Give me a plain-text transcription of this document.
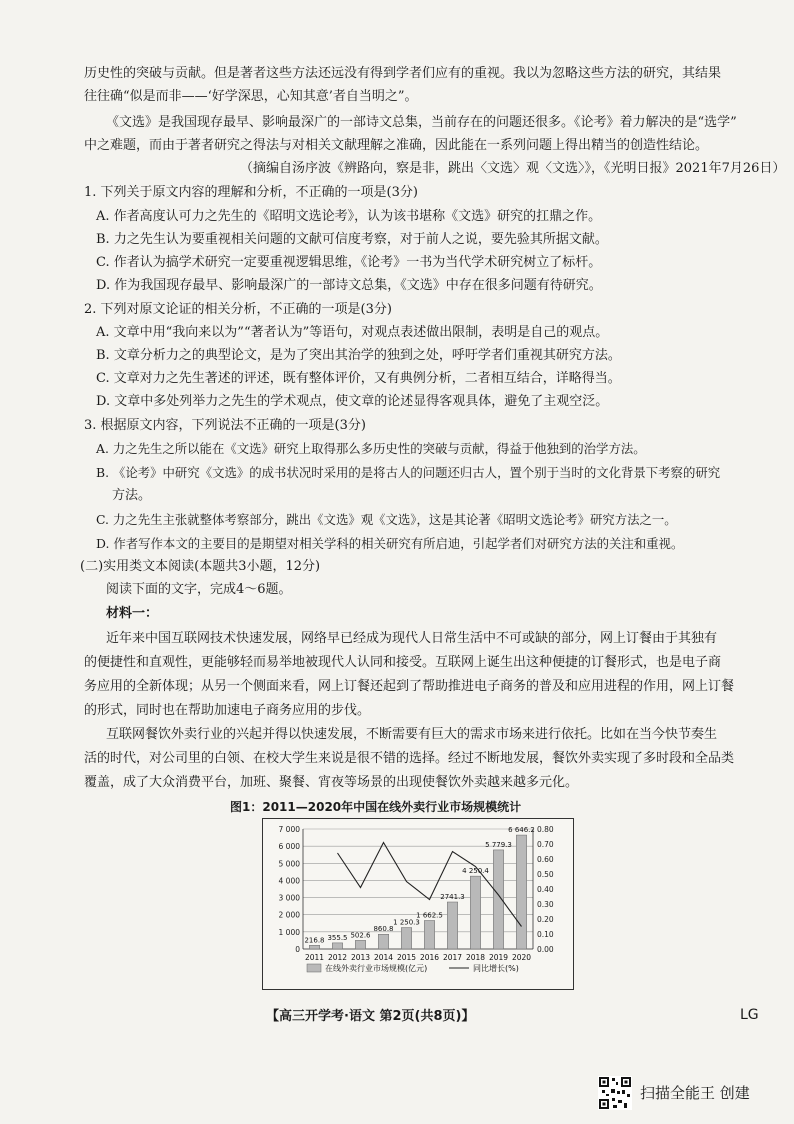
历史性的突破与贡献。但是著者这些方法还远没有得到学者们应有的重视。我以为忽略这些方法的研究，其结果

往往确“似是而非——‘好学深思，心知其意’者自当明之”。

《文选》是我国现存最早、影响最深广的一部诗文总集，当前存在的问题还很多。《论考》着力解决的是“选学”

中之难题，而由于著者研究之得法与对相关文献理解之准确，因此能在一系列问题上得出精当的创造性结论。

（摘编自汤序波《辨路向，察是非，跳出〈文选〉观〈文选〉》，《光明日报》2021年7月26日）

1. 下列关于原文内容的理解和分析，不正确的一项是(3分)

A. 作者高度认可力之先生的《昭明文选论考》，认为该书堪称《文选》研究的扛鼎之作。

B. 力之先生认为要重视相关问题的文献可信度考察，对于前人之说，要先验其所据文献。

C. 作者认为搞学术研究一定要重视逻辑思维，《论考》一书为当代学术研究树立了标杆。

D. 作为我国现存最早、影响最深广的一部诗文总集，《文选》中存在很多问题有待研究。

2. 下列对原文论证的相关分析，不正确的一项是(3分)

A. 文章中用“我向来以为”“著者认为”等语句，对观点表述做出限制，表明是自己的观点。

B. 文章分析力之的典型论文，是为了突出其治学的独到之处，呼吁学者们重视其研究方法。

C. 文章对力之先生著述的评述，既有整体评价，又有典例分析，二者相互结合，详略得当。

D. 文章中多处列举力之先生的学术观点，使文章的论述显得客观具体，避免了主观空泛。

3. 根据原文内容，下列说法不正确的一项是(3分)

A. 力之先生之所以能在《文选》研究上取得那么多历史性的突破与贡献，得益于他独到的治学方法。

B. 《论考》中研究《文选》的成书状况时采用的是将古人的问题还归古人，置个别于当时的文化背景下考察的研究

方法。

C. 力之先生主张就整体考察部分，跳出《文选》观《文选》，这是其论著《昭明文选论考》研究方法之一。

D. 作者写作本文的主要目的是期望对相关学科的相关研究有所启迪，引起学者们对研究方法的关注和重视。

(二)实用类文本阅读(本题共3小题，12分)

阅读下面的文字，完成4～6题。

材料一：

近年来中国互联网技术快速发展，网络早已经成为现代人日常生活中不可或缺的部分，网上订餐由于其独有

的便捷性和直观性，更能够轻而易举地被现代人认同和接受。互联网上诞生出这种便捷的订餐形式，也是电子商

务应用的全新体现；从另一个侧面来看，网上订餐还起到了帮助推进电子商务的普及和应用进程的作用，网上订餐

的形式，同时也在帮助加速电子商务应用的步伐。

互联网餐饮外卖行业的兴起并得以快速发展，不断需要有巨大的需求市场来进行依托。比如在当今快节奏生

活的时代，对公司里的白领、在校大学生来说是很不错的选择。经过不断地发展，餐饮外卖实现了多时段和全品类

覆盖，成了大众消费平台，加班、聚餐、宵夜等场景的出现使餐饮外卖越来越多元化。

图1：2011—2020年中国在线外卖行业市场规模统计
0
1 000
2 000
3 000
4 000
5 000
6 000
7 000
0.00
0.10
0.20
0.30
0.40
0.50
0.60
0.70
0.80
216.8
2011
355.5
2012
502.6
2013
860.8
2014
1 250.3
2015
1 662.5
2016
2741.3
2017
4 250.4
2018
5 779.3
2019
6 646.2
2020
在线外卖行业市场规模(亿元)	同比增长(%)
【高三开学考·语文 第2页(共8页)】	LG
扫描全能王 创建
